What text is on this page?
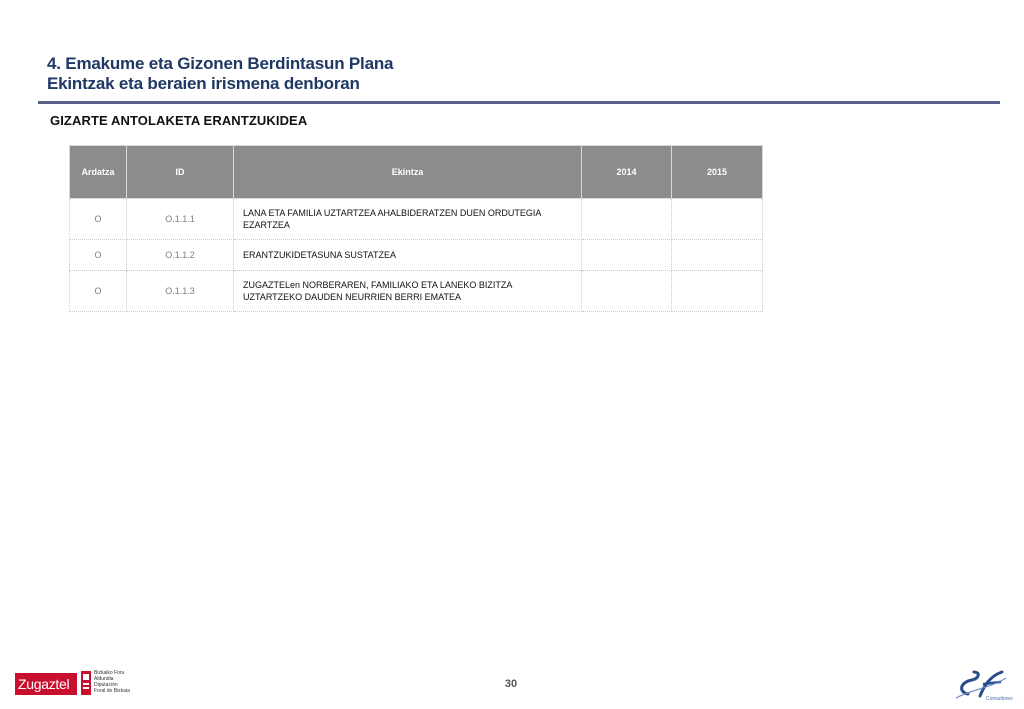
4. Emakume eta Gizonen Berdintasun Plana
Ekintzak eta beraien irismena denboran
GIZARTE ANTOLAKETA ERANTZUKIDEA
Ardatza	ID	Ekintza	2014	2015
O	O.1.1.1	LANA ETA FAMILIA UZTARTZEA AHALBIDERATZEN DUEN ORDUTEGIA EZARTZEA		
O	O.1.1.2	ERANTZUKIDETASUNA SUSTATZEA		
O	O.1.1.3	ZUGAZTELen NORBERAREN, FAMILIAKO ETA LANEKO BIZITZA UZTARTZEKO DAUDEN NEURRIEN BERRI EMATEA		
Zugaztel
Bizkaiko Foru
Aldundia
Diputación
Foral de Bizkaia
30
Consultores
